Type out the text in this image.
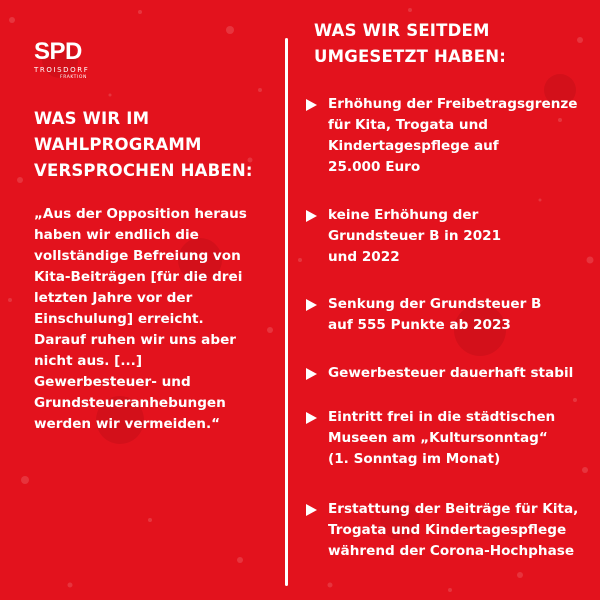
SPD
TROISDORF
FRAKTION
WAS WIR IM
WAHLPROGRAMM
VERSPROCHEN HABEN:

„Aus der Opposition heraus
haben wir endlich die
vollständige Befreiung von
Kita-Beiträgen [für die drei
letzten Jahre vor der
Einschulung] erreicht.
Darauf ruhen wir uns aber
nicht aus. [...]
Gewerbesteuer- und
Grundsteueranhebungen
werden wir vermeiden.“

WAS WIR SEITDEM
UMGESETZT HABEN:
Erhöhung der Freibetragsgrenze
für Kita, Trogata und
Kindertagespflege auf
25.000 Euro
keine Erhöhung der
Grundsteuer B in 2021
und 2022
Senkung der Grundsteuer B
auf 555 Punkte ab 2023
Gewerbesteuer dauerhaft stabil
Eintritt frei in die städtischen
Museen am „Kultursonntag“
(1. Sonntag im Monat)
Erstattung der Beiträge für Kita,
Trogata und Kindertagespflege
während der Corona-Hochphase
